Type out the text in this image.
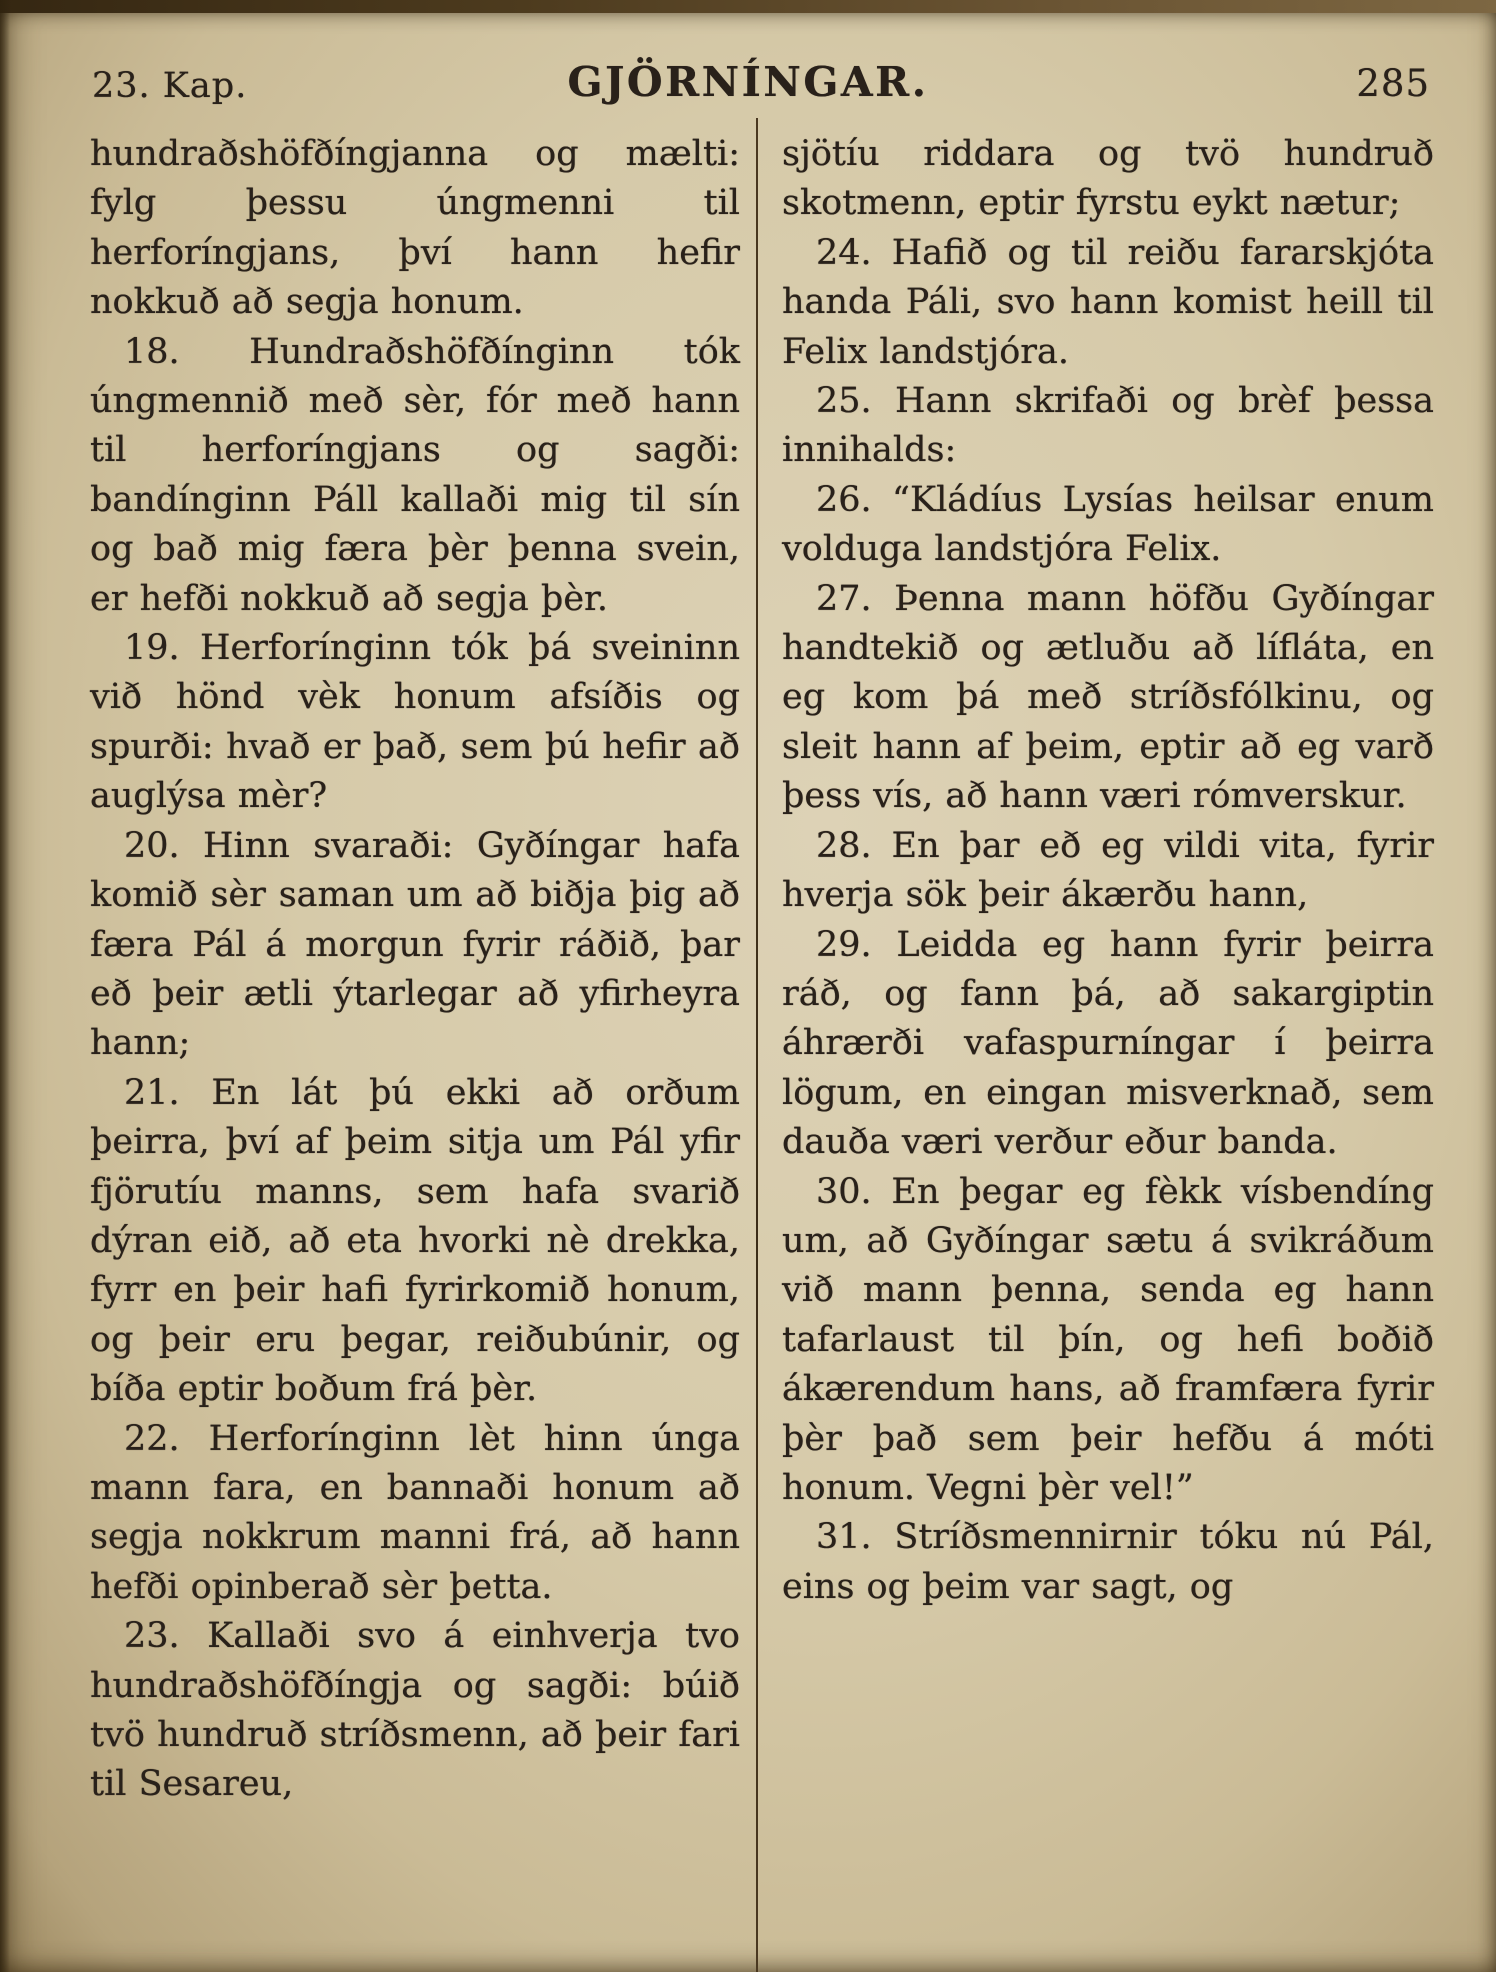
23. Kap.	GJÖRNÍNGAR.	285

hundraðshöfðíngjanna og mælti: fylg þessu úngmenni til herforíngjans, því hann hefir nokkuð að segja honum.

18. Hundraðshöfðínginn tók úngmennið með sèr, fór með hann til herforíngjans og sagði: bandínginn Páll kallaði mig til sín og bað mig færa þèr þenna svein, er hefði nokkuð að segja þèr.

19. Herforínginn tók þá sveininn við hönd vèk honum afsíðis og spurði: hvað er það, sem þú hefir að auglýsa mèr?

20. Hinn svaraði: Gyðíngar hafa komið sèr saman um að biðja þig að færa Pál á morgun fyrir ráðið, þar eð þeir ætli ýtarlegar að yfirheyra hann;

21. En lát þú ekki að orðum þeirra, því af þeim sitja um Pál yfir fjörutíu manns, sem hafa svarið dýran eið, að eta hvorki nè drekka, fyrr en þeir hafi fyrirkomið honum, og þeir eru þegar, reiðubúnir, og bíða eptir boðum frá þèr.

22. Herforínginn lèt hinn únga mann fara, en bannaði honum að segja nokkrum manni frá, að hann hefði opinberað sèr þetta.

23. Kallaði svo á einhverja tvo hundraðshöfðíngja og sagði: búið tvö hundruð stríðsmenn, að þeir fari til Sesareu,

sjötíu riddara og tvö hundruð skotmenn, eptir fyrstu eykt nætur;

24. Hafið og til reiðu fararskjóta handa Páli, svo hann komist heill til Felix landstjóra.

25. Hann skrifaði og brèf þessa innihalds:

26. “Kládíus Lysías heilsar enum volduga landstjóra Felix.

27. Þenna mann höfðu Gyðíngar handtekið og ætluðu að lífláta, en eg kom þá með stríðsfólkinu, og sleit hann af þeim, eptir að eg varð þess vís, að hann væri rómverskur.

28. En þar eð eg vildi vita, fyrir hverja sök þeir ákærðu hann,

29. Leidda eg hann fyrir þeirra ráð, og fann þá, að sakargiptin áhrærði vafaspurníngar í þeirra lögum, en eingan misverknað, sem dauða væri verður eður banda.

30. En þegar eg fèkk vísbendíng um, að Gyðíngar sætu á svikráðum við mann þenna, senda eg hann tafarlaust til þín, og hefi boðið ákærendum hans, að framfæra fyrir þèr það sem þeir hefðu á móti honum. Vegni þèr vel!”

31. Stríðsmennirnir tóku nú Pál, eins og þeim var sagt, og
